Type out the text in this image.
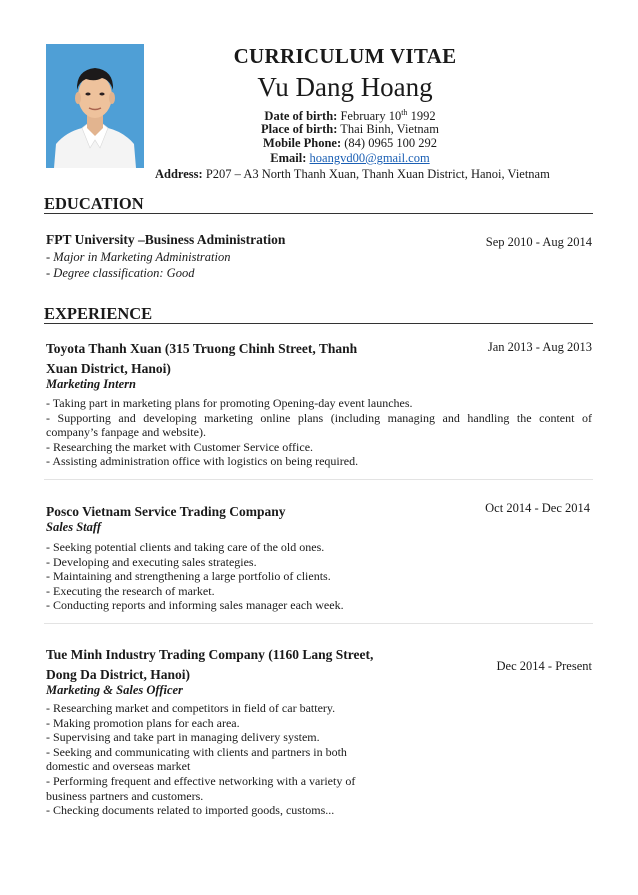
CURRICULUM VITAE
Vu Dang Hoang
Date of birth: February 10th 1992
Place of birth: Thai Binh, Vietnam
Mobile Phone: (84) 0965 100 292
Email: hoangvd00@gmail.com
Address: P207 – A3 North Thanh Xuan, Thanh Xuan District, Hanoi, Vietnam
EDUCATION
FPT University –Business Administration	Sep 2010 - Aug 2014
- Major in Marketing Administration
- Degree classification: Good
EXPERIENCE
Toyota Thanh Xuan (315 Truong Chinh Street, Thanh
Xuan District, Hanoi)
Jan 2013 - Aug 2013
Marketing Intern
- Taking part in marketing plans for promoting Opening-day event launches.
- Supporting and developing marketing online plans (including managing and handling the content of
company’s fanpage and website).
- Researching the market with Customer Service office.
- Assisting administration office with logistics on being required.
Posco Vietnam Service Trading Company	Oct 2014 - Dec 2014
Sales Staff
- Seeking potential clients and taking care of the old ones.
- Developing and executing sales strategies.
- Maintaining and strengthening a large portfolio of clients.
- Executing the research of market.
- Conducting reports and informing sales manager each week.
Tue Minh Industry Trading Company (1160 Lang Street,
Dong Da District, Hanoi)
Dec 2014 - Present
Marketing & Sales Officer
- Researching market and competitors in field of car battery.
- Making promotion plans for each area.
- Supervising and take part in managing delivery system.
- Seeking and communicating with clients and partners in both
domestic and overseas market
- Performing frequent and effective networking with a variety of
business partners and customers.
- Checking documents related to imported goods, customs...
